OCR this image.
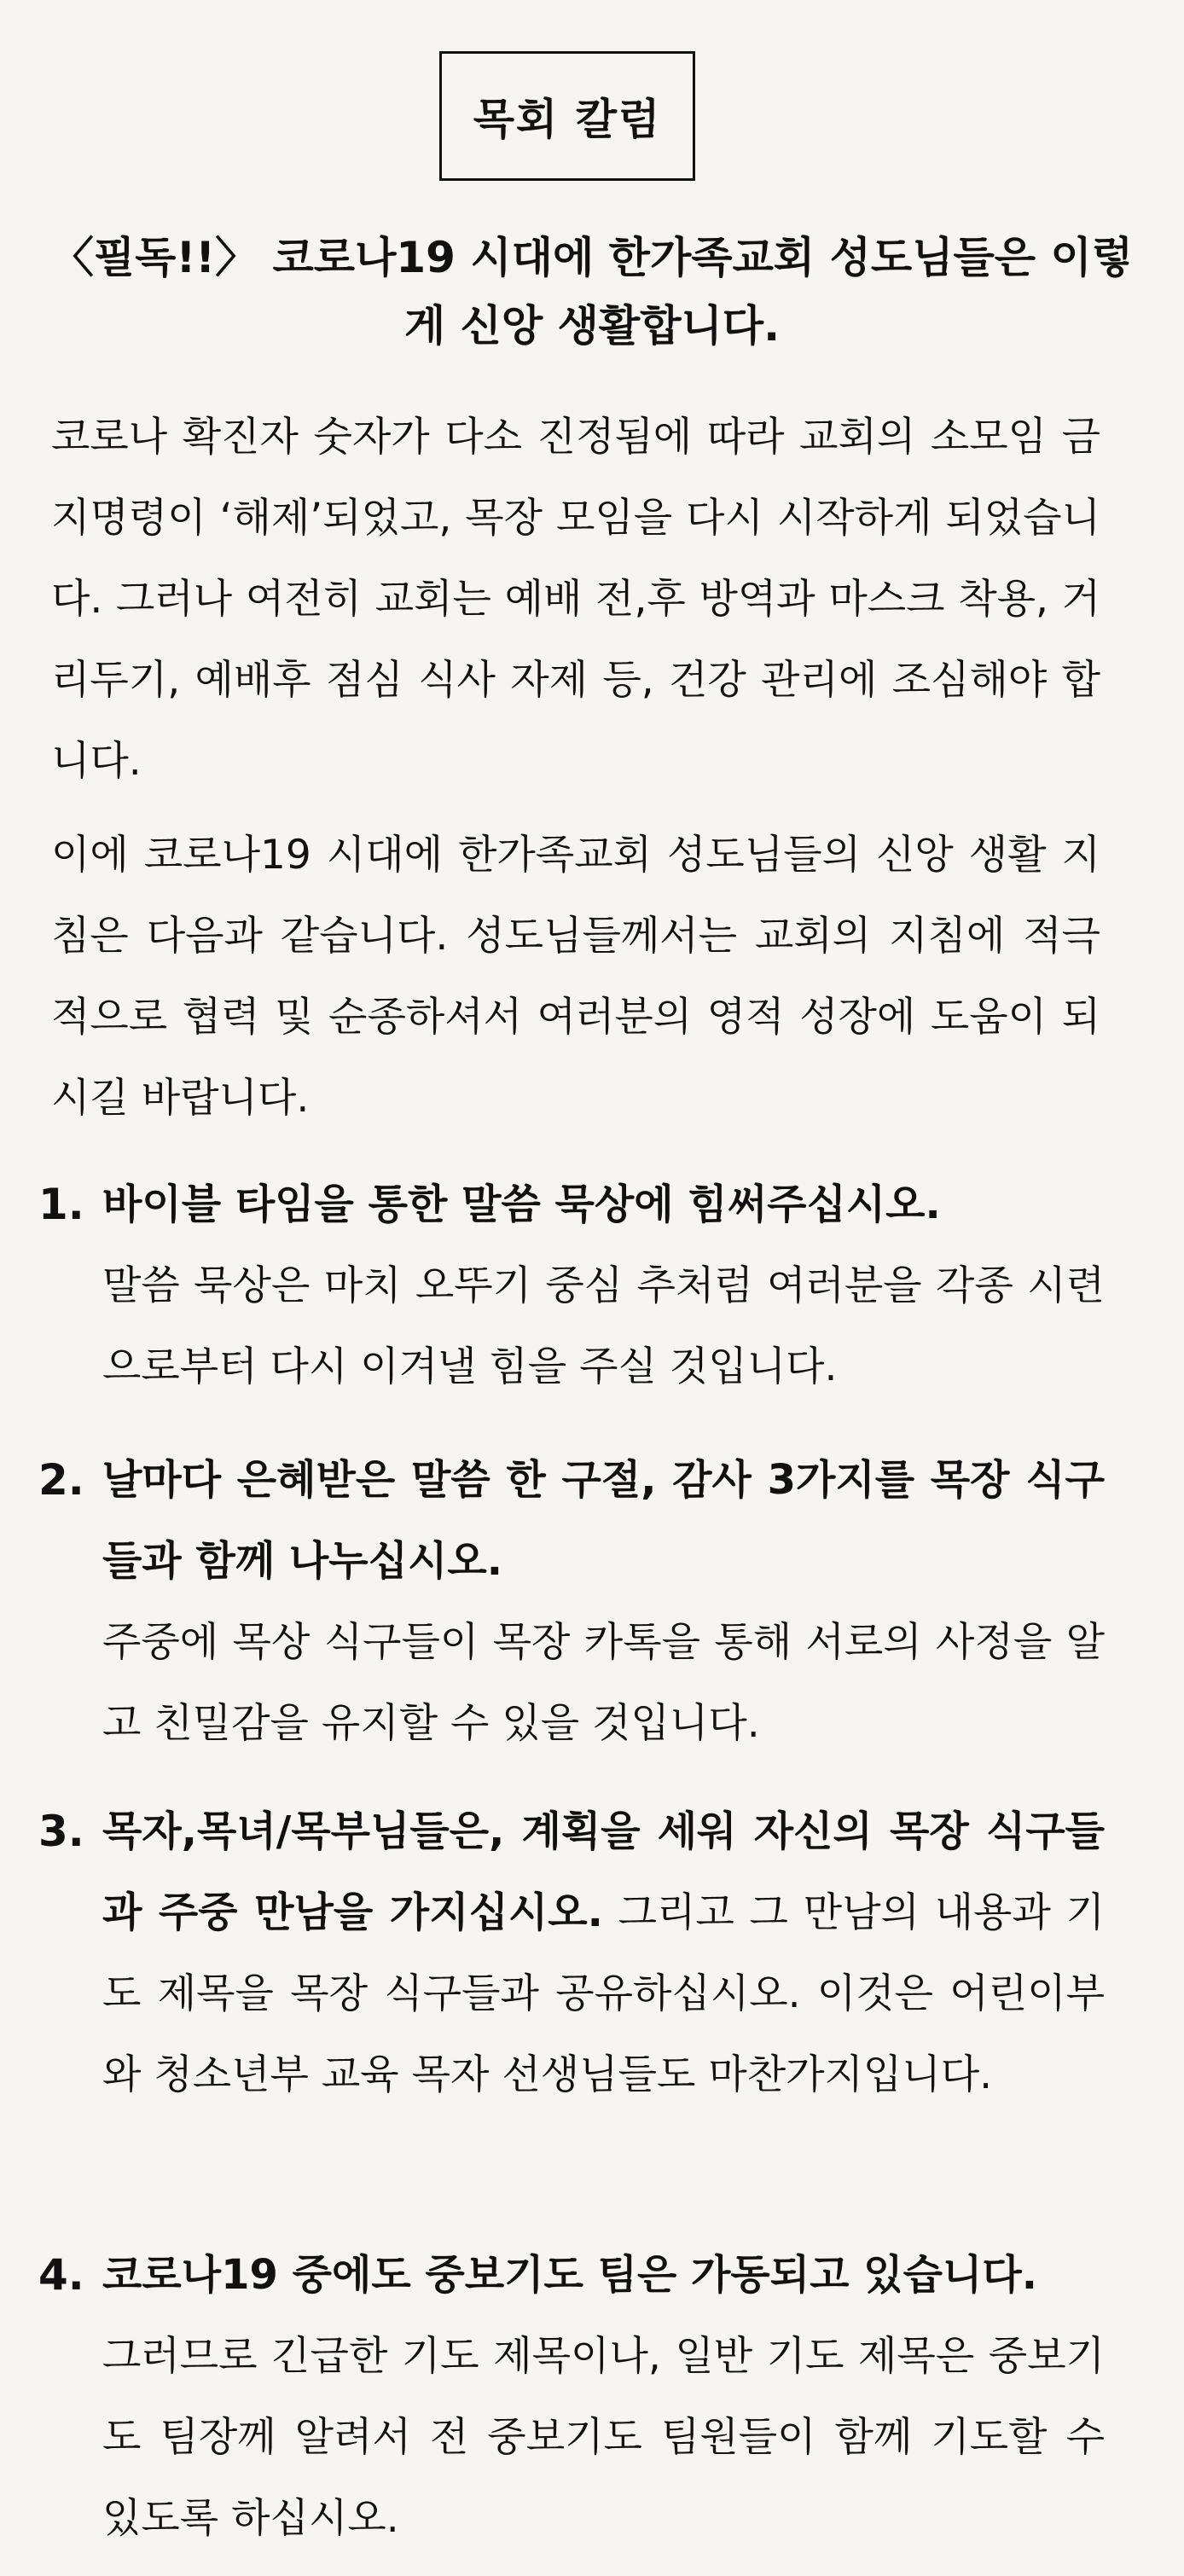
목회 칼럼
〈필독!!〉 코로나19 시대에 한가족교회 성도님들은 이렇게 신앙 생활합니다.
코로나 확진자 숫자가 다소 진정됨에 따라 교회의 소모임 금지명령이 ‘해제’되었고, 목장 모임을 다시 시작하게 되었습니다. 그러나 여전히 교회는 예배 전,후 방역과 마스크 착용, 거리두기, 예배후 점심 식사 자제 등, 건강 관리에 조심해야 합니다.
이에 코로나19 시대에 한가족교회 성도님들의 신앙 생활 지침은 다음과 같습니다. 성도님들께서는 교회의 지침에 적극적으로 협력 및 순종하셔서 여러분의 영적 성장에 도움이 되시길 바랍니다.
1. 바이블 타임을 통한 말씀 묵상에 힘써주십시오.
말씀 묵상은 마치 오뚜기 중심 추처럼 여러분을 각종 시련으로부터 다시 이겨낼 힘을 주실 것입니다.
2. 날마다 은혜받은 말씀 한 구절, 감사 3가지를 목장 식구들과 함께 나누십시오.
주중에 목상 식구들이 목장 카톡을 통해 서로의 사정을 알고 친밀감을 유지할 수 있을 것입니다.
3. 목자,목녀/목부님들은, 계획을 세워 자신의 목장 식구들과 주중 만남을 가지십시오. 그리고 그 만남의 내용과 기도 제목을 목장 식구들과 공유하십시오. 이것은 어린이부와 청소년부 교육 목자 선생님들도 마찬가지입니다.
4. 코로나19 중에도 중보기도 팀은 가동되고 있습니다.
그러므로 긴급한 기도 제목이나, 일반 기도 제목은 중보기도 팀장께 알려서 전 중보기도 팀원들이 함께 기도할 수 있도록 하십시오.
